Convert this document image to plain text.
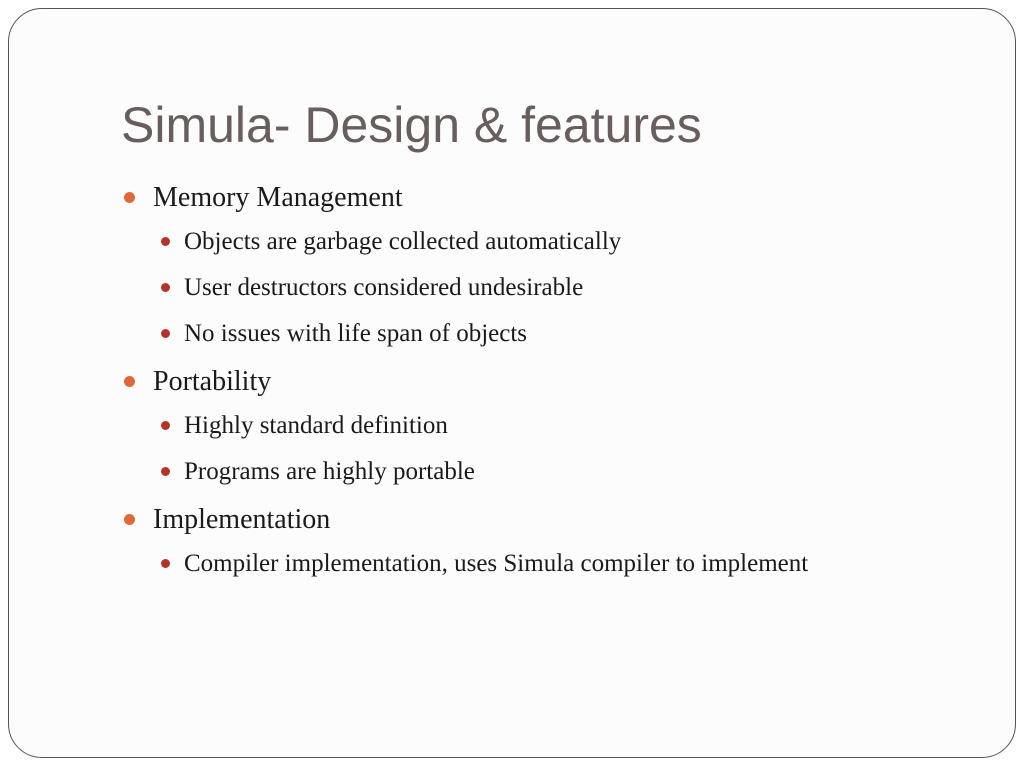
Simula- Design & features
Memory Management
Objects are garbage collected automatically
User destructors considered undesirable
No issues with life span of objects
Portability
Highly standard definition
Programs are highly portable
Implementation
Compiler implementation, uses Simula compiler to implement
